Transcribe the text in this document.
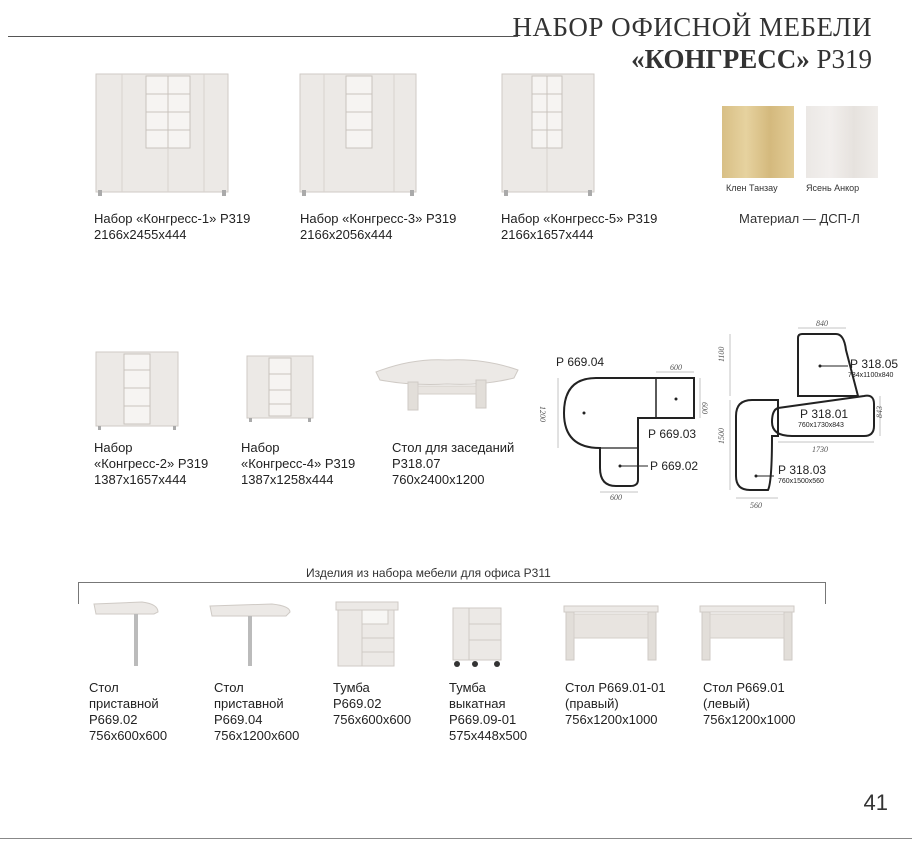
НАБОР ОФИСНОЙ МЕБЕЛИ
«КОНГРЕСС» Р319
Набор «Конгресс-1» Р319
2166х2455х444
Набор «Конгресс-3» Р319
2166х2056х444
Набор «Конгресс-5» Р319
2166х1657х444
Клен Танзау	Ясень Анкор
Материал — ДСП-Л
Набор
«Конгресс-2» Р319
1387х1657х444
Набор
«Конгресс-4» Р319
1387х1258х444
Стол для заседаний
Р318.07
760х2400х1200
Р 669.04
Р 669.03
Р 669.02
600
600
1200
600
Р 318.05
734х1100х840
Р 318.01
760х1730х843
Р 318.03
760х1500х560
840
1100
843
1500
1730
560
Изделия из набора мебели для офиса Р311
Стол
приставной
Р669.02
756х600х600
Стол
приставной
Р669.04
756х1200х600
Тумба
Р669.02
756х600х600
Тумба
выкатная
Р669.09-01
575х448х500
Стол Р669.01-01
(правый)
756х1200х1000
Стол Р669.01
(левый)
756х1200х1000
41
